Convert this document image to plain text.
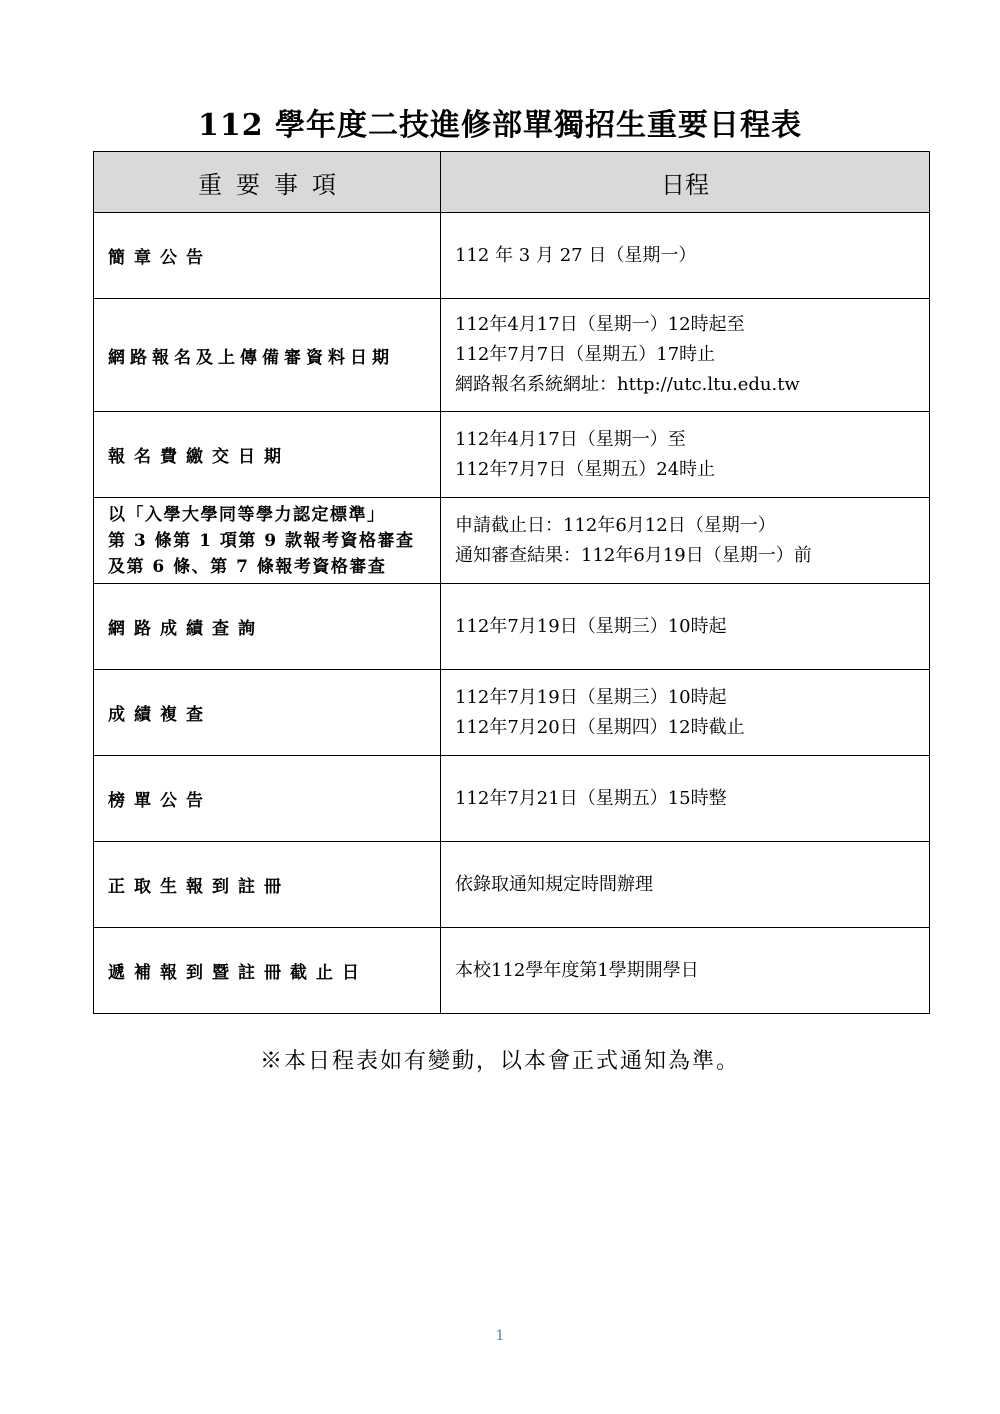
112 學年度二技進修部單獨招生重要日程表
重要事項	日程
簡章公告	112 年 3 月 27 日（星期一）

網路報名及上傳備審資料日期	112年4月17日（星期一）12時起至
112年7月7日（星期五）17時止
網路報名系統網址：http://utc.ltu.edu.tw

報名費繳交日期	112年4月17日（星期一）至
112年7月7日（星期五）24時止

以「入學大學同等學力認定標準」
第 3 條第 1 項第 9 款報考資格審查
及第 6 條、第 7 條報考資格審查	申請截止日：112年6月12日（星期一）
通知審查結果：112年6月19日（星期一）前

網路成績查詢	112年7月19日（星期三）10時起

成績複查	112年7月19日（星期三）10時起
112年7月20日（星期四）12時截止

榜單公告	112年7月21日（星期五）15時整

正取生報到註冊	依錄取通知規定時間辦理

遞補報到暨註冊截止日	本校112學年度第1學期開學日
※本日程表如有變動，以本會正式通知為準。
1
